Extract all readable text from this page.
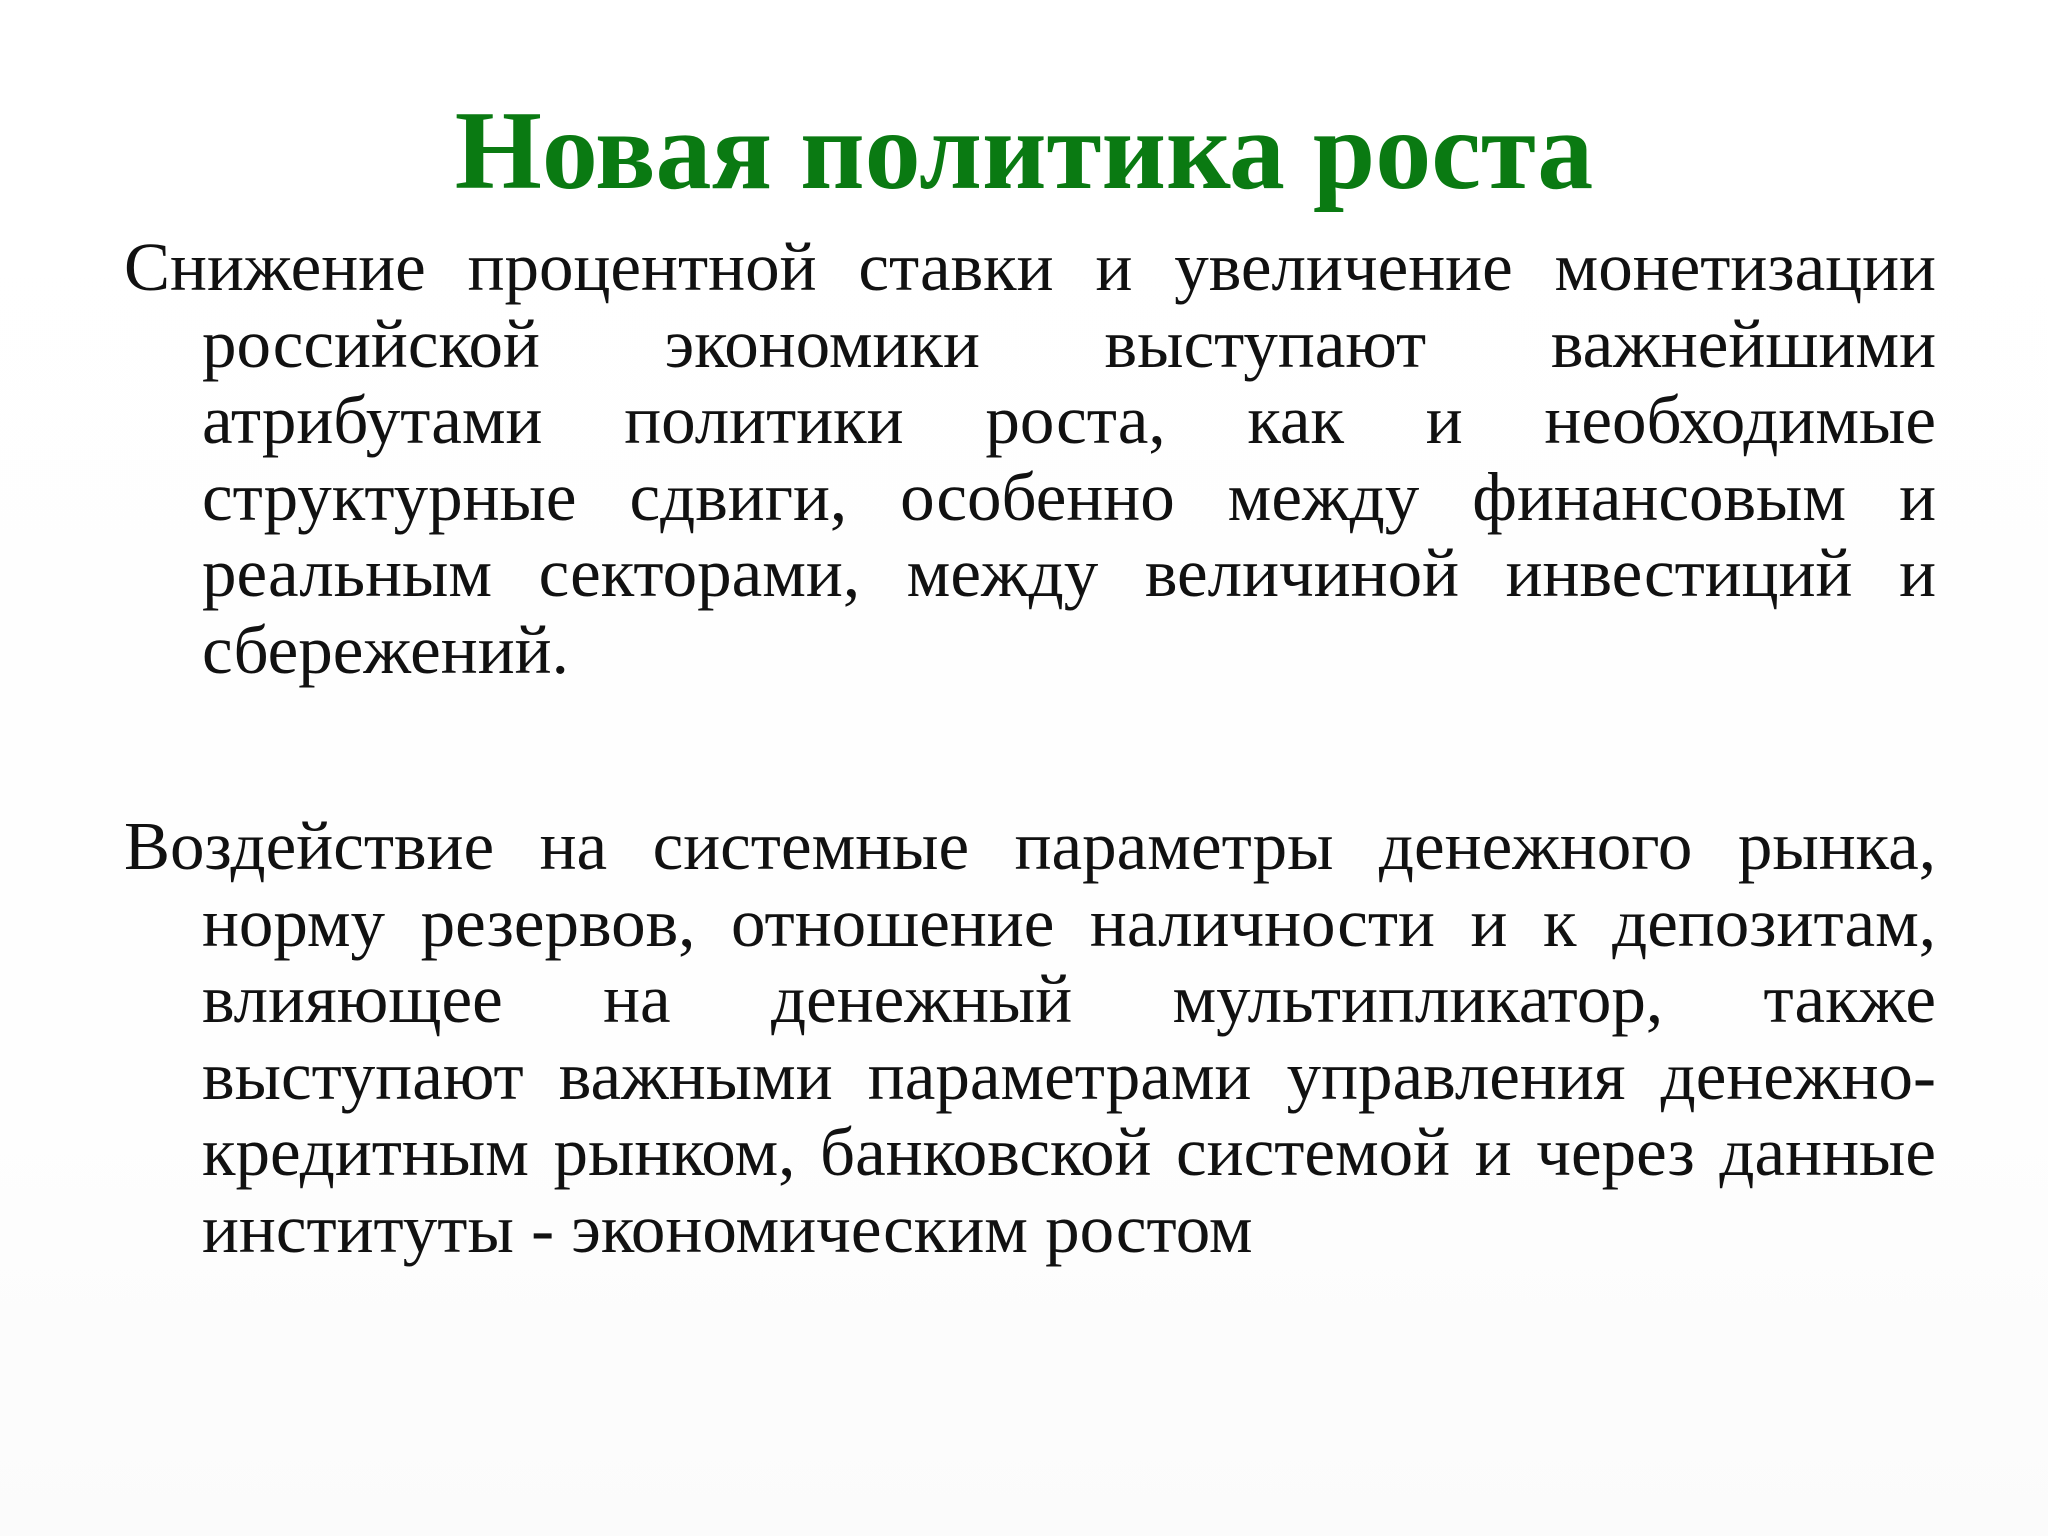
Новая политика роста

Снижение процентной ставки и увеличение монетизации российской экономики выступают важнейшими атрибутами политики роста, как и необходимые структурные сдвиги, особенно между финансовым и реальным секторами, между величиной инвестиций и сбережений.

Воздействие на системные параметры денежного рынка, норму резервов, отношение наличности и к депозитам, влияющее на денежный мультипликатор, также выступают важными параметрами управления денежно-кредитным рынком, банковской системой и через данные институты - экономическим ростом
